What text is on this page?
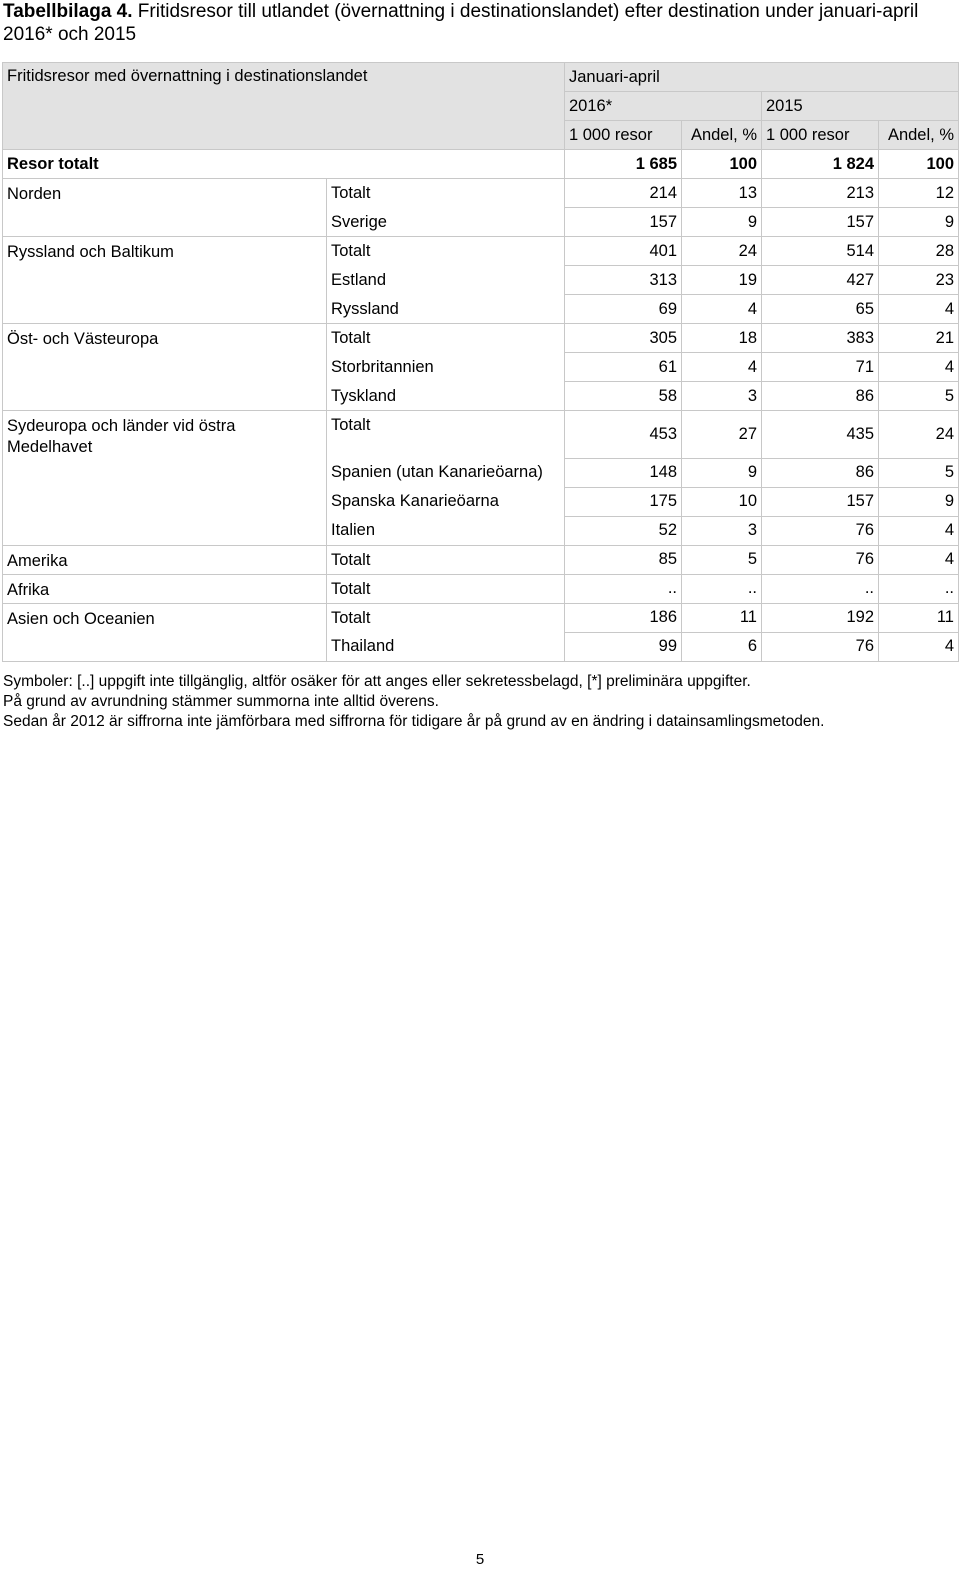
Tabellbilaga 4. Fritidsresor till utlandet (övernattning i destinationslandet) efter destination under januari-april 2016* och 2015
Fritidsresor med övernattning i destinationslandet		Januari-april			
		2016*		2015	
		1 000 resor	Andel, %	1 000 resor	Andel, %
Resor totalt		1 685	100	1 824	100
Norden	Totalt	214	13	213	12
	Sverige	157	9	157	9
Ryssland och Baltikum	Totalt	401	24	514	28
	Estland	313	19	427	23
	Ryssland	69	4	65	4
Öst- och Västeuropa	Totalt	305	18	383	21
	Storbritannien	61	4	71	4
	Tyskland	58	3	86	5
Sydeuropa och länder vid östra Medelhavet	Totalt	453	27	435	24
	Spanien (utan Kanarieöarna)	148	9	86	5
	Spanska Kanarieöarna	175	10	157	9
	Italien	52	3	76	4
Amerika	Totalt	85	5	76	4
Afrika	Totalt	..	..	..	..
Asien och Oceanien	Totalt	186	11	192	11
	Thailand	99	6	76	4
Symboler: [..] uppgift inte tillgänglig, altför osäker för att anges eller sekretessbelagd, [*] preliminära uppgifter.
På grund av avrundning stämmer summorna inte alltid överens.
Sedan år 2012 är siffrorna inte jämförbara med siffrorna för tidigare år på grund av en ändring i datainsamlingsmetoden.
5
